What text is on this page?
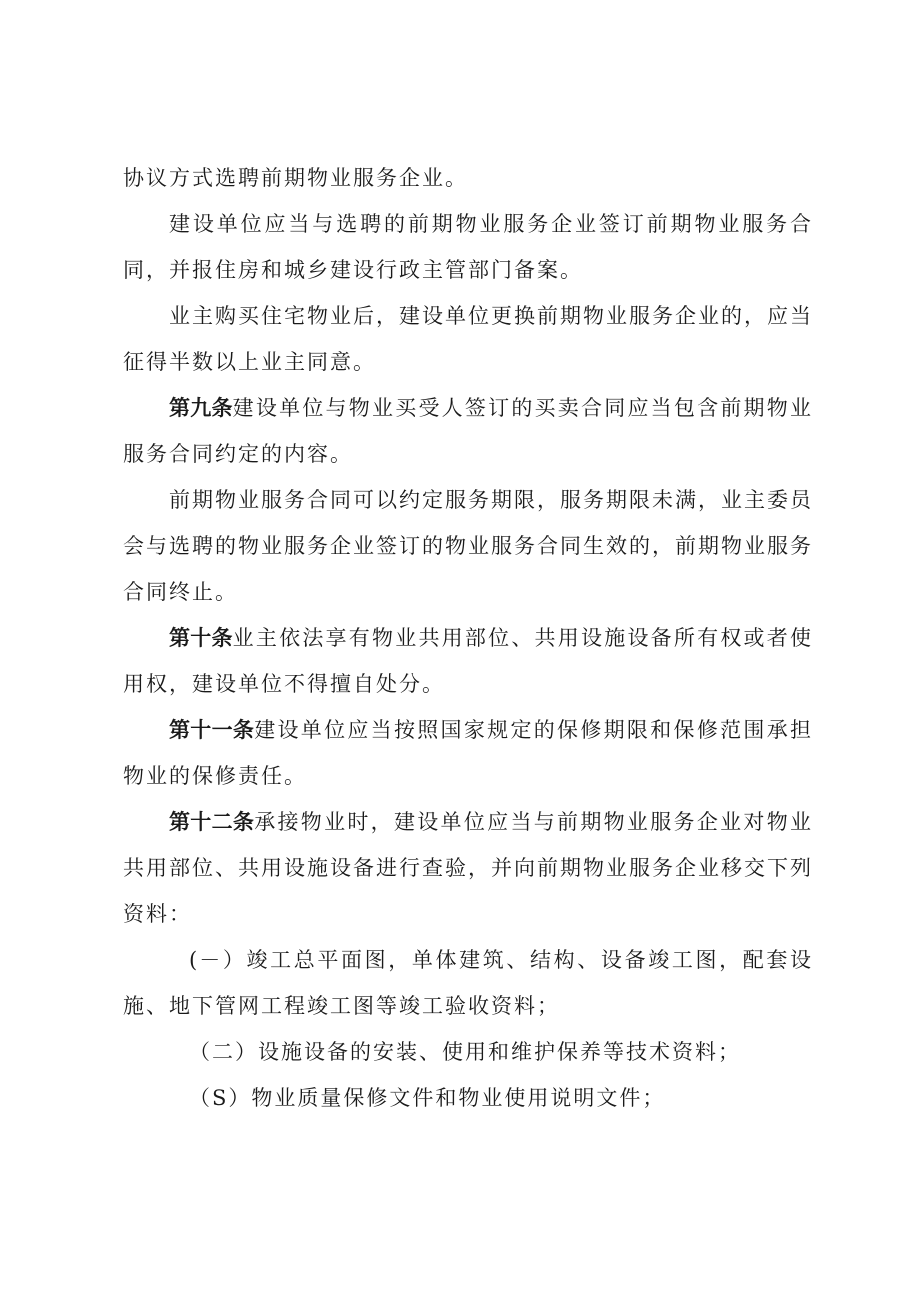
协议方式选聘前期物业服务企业。

建设单位应当与选聘的前期物业服务企业签订前期物业服务合同，并报住房和城乡建设行政主管部门备案。

业主购买住宅物业后，建设单位更换前期物业服务企业的，应当征得半数以上业主同意。

第九条建设单位与物业买受人签订的买卖合同应当包含前期物业服务合同约定的内容。

前期物业服务合同可以约定服务期限，服务期限未满，业主委员会与选聘的物业服务企业签订的物业服务合同生效的，前期物业服务合同终止。

第十条业主依法享有物业共用部位、共用设施设备所有权或者使用权，建设单位不得擅自处分。

第十一条建设单位应当按照国家规定的保修期限和保修范围承担物业的保修责任。

第十二条承接物业时，建设单位应当与前期物业服务企业对物业共用部位、共用设施设备进行查验，并向前期物业服务企业移交下列资料：

(－）竣工总平面图，单体建筑、结构、设备竣工图，配套设施、地下管网工程竣工图等竣工验收资料；

（二）设施设备的安装、使用和维护保养等技术资料；

（S）物业质量保修文件和物业使用说明文件；
